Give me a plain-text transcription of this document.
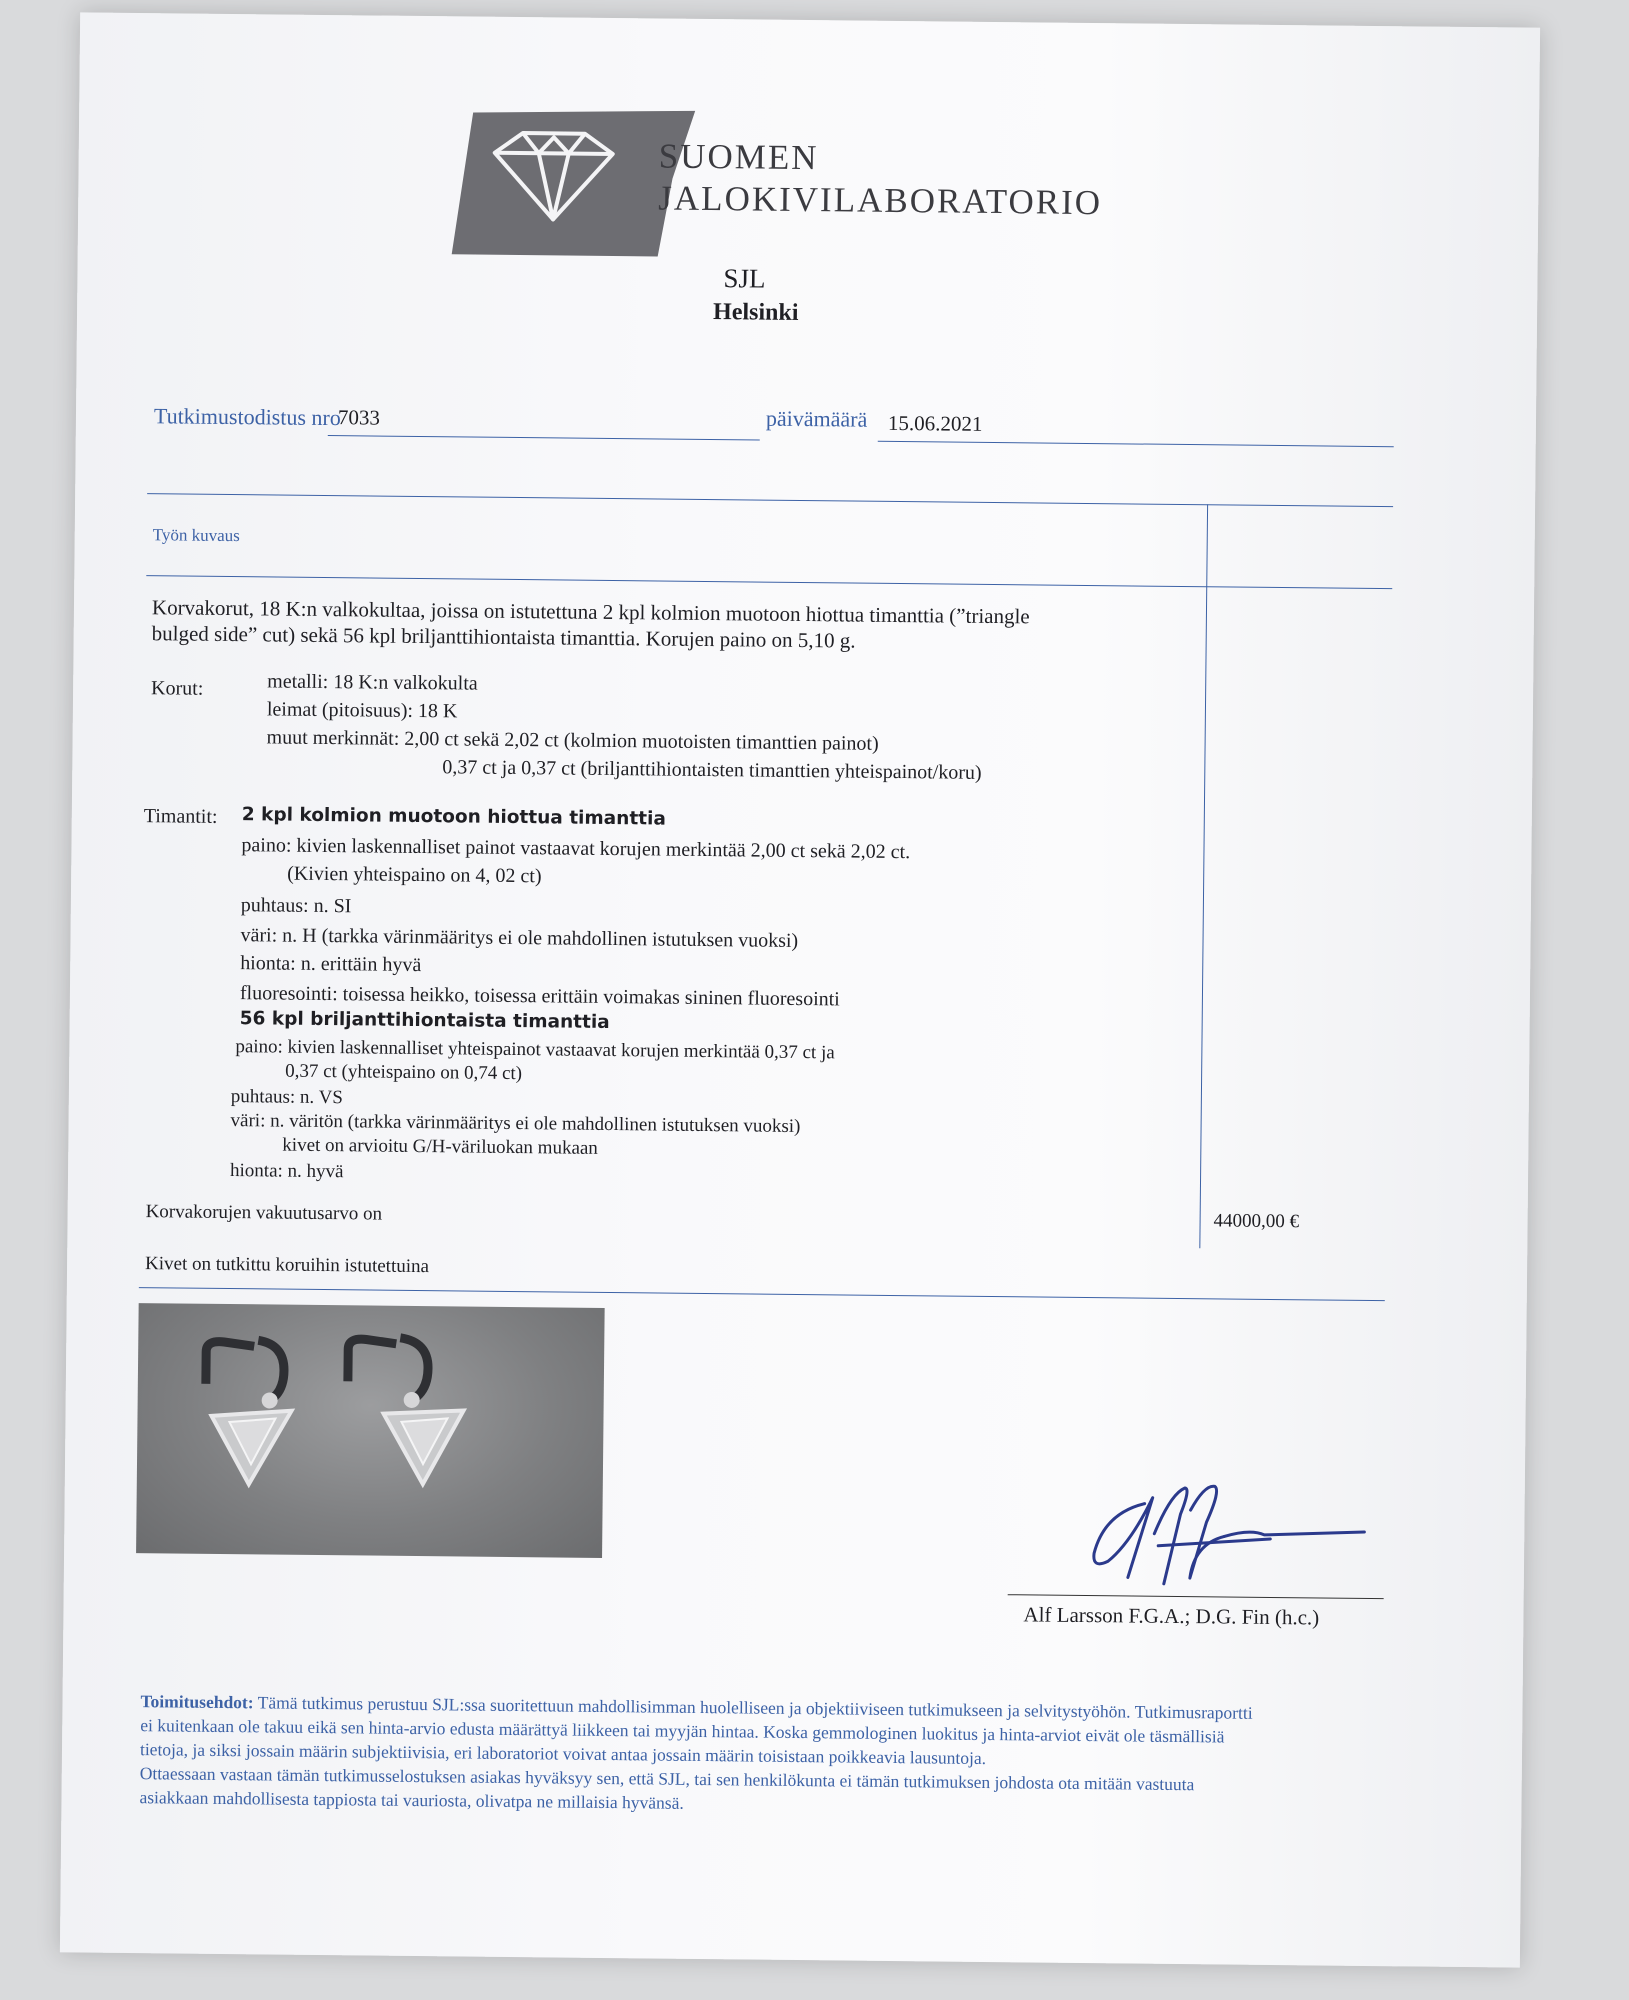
SUOMEN
JALOKIVILABORATORIO
SJL
Helsinki
Tutkimustodistus nro
7033	päivämäärä 15.06.2021
Työn kuvaus
Korvakorut, 18 K:n valkokultaa, joissa on istutettuna 2 kpl kolmion muotoon hiottua timanttia (”triangle
bulged side” cut) sekä 56 kpl briljanttihiontaista timanttia. Korujen paino on 5,10 g.
Korut:	metalli: 18 K:n valkokulta
leimat (pitoisuus): 18 K
muut merkinnät: 2,00 ct sekä 2,02 ct (kolmion muotoisten timanttien painot)
0,37 ct ja 0,37 ct (briljanttihiontaisten timanttien yhteispainot/koru)
Timantit: 2 kpl kolmion muotoon hiottua timanttia
paino: kivien laskennalliset painot vastaavat korujen merkintää 2,00 ct sekä 2,02 ct.
(Kivien yhteispaino on 4, 02 ct)
puhtaus: n. SI
väri: n. H (tarkka värinmääritys ei ole mahdollinen istutuksen vuoksi)
hionta: n. erittäin hyvä
fluoresointi: toisessa heikko, toisessa erittäin voimakas sininen fluoresointi
56 kpl briljanttihiontaista timanttia
paino: kivien laskennalliset yhteispainot vastaavat korujen merkintää 0,37 ct ja
0,37 ct (yhteispaino on 0,74 ct)
puhtaus: n. VS
väri: n. väritön (tarkka värinmääritys ei ole mahdollinen istutuksen vuoksi)
kivet on arvioitu G/H-väriluokan mukaan
hionta: n. hyvä
Korvakorujen vakuutusarvo on	44000,00 €
Kivet on tutkittu koruihin istutettuina
Alf Larsson F.G.A.; D.G. Fin (h.c.)

Toimitusehdot: Tämä tutkimus perustuu SJL:ssa suoritettuun mahdollisimman huolelliseen ja objektiiviseen tutkimukseen ja selvitystyöhön. Tutkimusraportti

ei kuitenkaan ole takuu eikä sen hinta-arvio edusta määrättyä liikkeen tai myyjän hintaa. Koska gemmologinen luokitus ja hinta-arviot eivät ole täsmällisiä

tietoja, ja siksi jossain määrin subjektiivisia, eri laboratoriot voivat antaa jossain määrin toisistaan poikkeavia lausuntoja.

Ottaessaan vastaan tämän tutkimusselostuksen asiakas hyväksyy sen, että SJL, tai sen henkilökunta ei tämän tutkimuksen johdosta ota mitään vastuuta

asiakkaan mahdollisesta tappiosta tai vauriosta, olivatpa ne millaisia hyvänsä.
